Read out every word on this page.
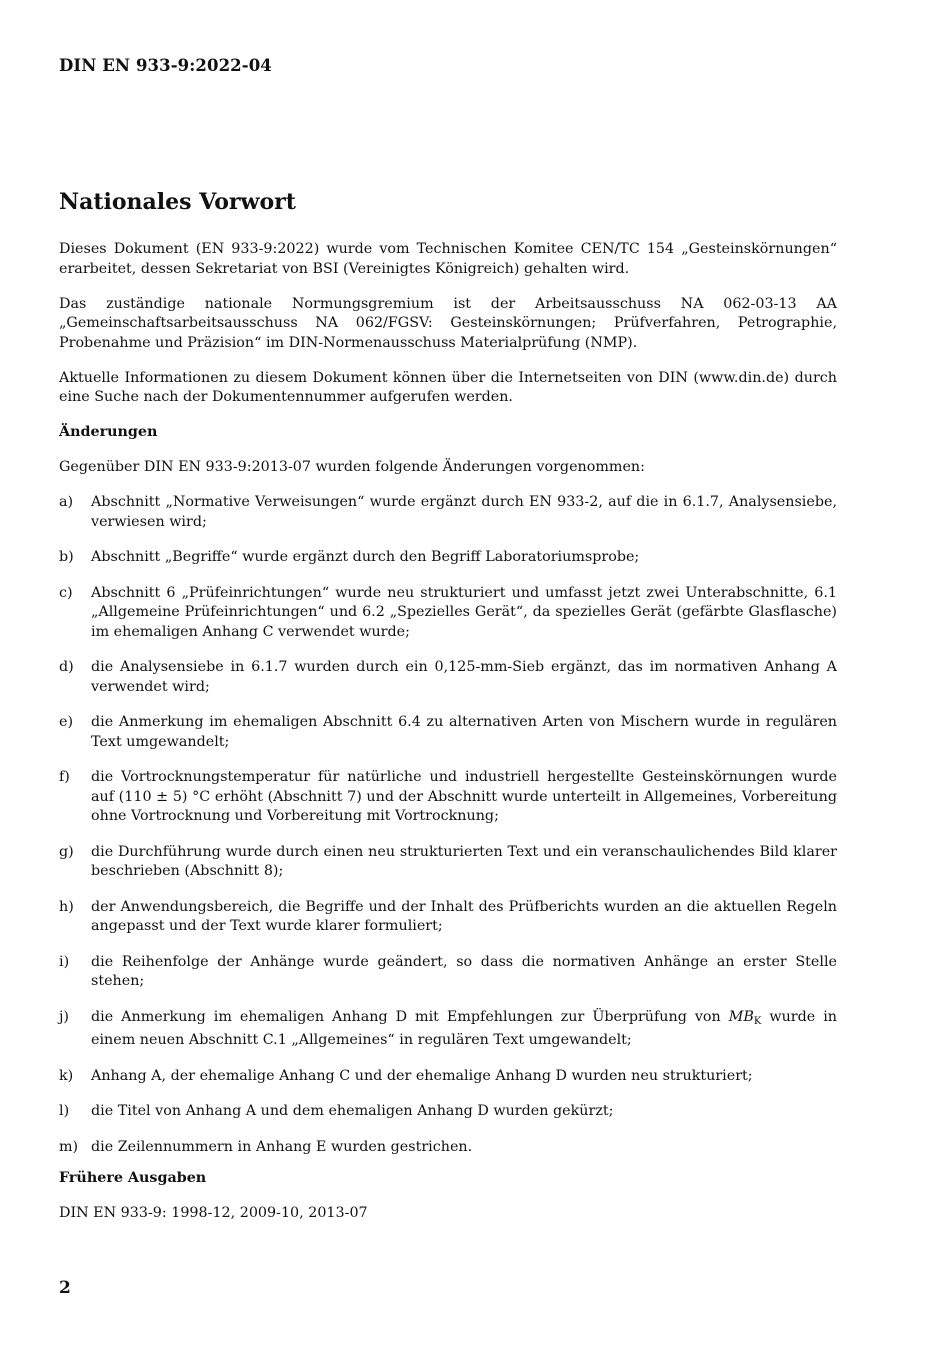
DIN EN 933-9:2022-04
Nationales Vorwort

Dieses Dokument (EN 933-9:2022) wurde vom Technischen Komitee CEN/TC 154 „Gesteinskörnungen“ erarbeitet, dessen Sekretariat von BSI (Vereinigtes Königreich) gehalten wird.

Das zuständige nationale Normungsgremium ist der Arbeitsausschuss NA 062-03-13 AA „Gemeinschaftsarbeitsausschuss NA 062/FGSV: Gesteinskörnungen; Prüfverfahren, Petrographie, Probenahme und Präzision“ im DIN-Normenausschuss Materialprüfung (NMP).

Aktuelle Informationen zu diesem Dokument können über die Internetseiten von DIN (www.din.de) durch eine Suche nach der Dokumentennummer aufgerufen werden.

Änderungen

Gegenüber DIN EN 933-9:2013-07 wurden folgende Änderungen vorgenommen:

a)	Abschnitt „Normative Verweisungen“ wurde ergänzt durch EN 933-2, auf die in 6.1.7, Analysensiebe, verwiesen wird;
b)	Abschnitt „Begriffe“ wurde ergänzt durch den Begriff Laboratoriumsprobe;
c)	Abschnitt 6 „Prüfeinrichtungen“ wurde neu strukturiert und umfasst jetzt zwei Unterabschnitte, 6.1 „Allgemeine Prüfeinrichtungen“ und 6.2 „Spezielles Gerät“, da spezielles Gerät (gefärbte Glasflasche) im ehemaligen Anhang C verwendet wurde;
d)	die Analysensiebe in 6.1.7 wurden durch ein 0,125-mm-Sieb ergänzt, das im normativen Anhang A verwendet wird;
e)	die Anmerkung im ehemaligen Abschnitt 6.4 zu alternativen Arten von Mischern wurde in regulären Text umgewandelt;
f)	die Vortrocknungstemperatur für natürliche und industriell hergestellte Gesteinskörnungen wurde auf (110 ± 5) °C erhöht (Abschnitt 7) und der Abschnitt wurde unterteilt in Allgemeines, Vorbereitung ohne Vortrocknung und Vorbereitung mit Vortrocknung;
g)	die Durchführung wurde durch einen neu strukturierten Text und ein veranschaulichendes Bild klarer beschrieben (Abschnitt 8);
h)	der Anwendungsbereich, die Begriffe und der Inhalt des Prüfberichts wurden an die aktuellen Regeln angepasst und der Text wurde klarer formuliert;
i)	die Reihenfolge der Anhänge wurde geändert, so dass die normativen Anhänge an erster Stelle stehen;
j)	die Anmerkung im ehemaligen Anhang D mit Empfehlungen zur Überprüfung von $MB_K$ wurde in einem neuen Abschnitt C.1 „Allgemeines“ in regulären Text umgewandelt;
k)	Anhang A, der ehemalige Anhang C und der ehemalige Anhang D wurden neu strukturiert;
l)	die Titel von Anhang A und dem ehemaligen Anhang D wurden gekürzt;
m) die Zeilennummern in Anhang E wurden gestrichen.
Frühere Ausgaben

DIN EN 933-9: 1998-12, 2009-10, 2013-07

2
